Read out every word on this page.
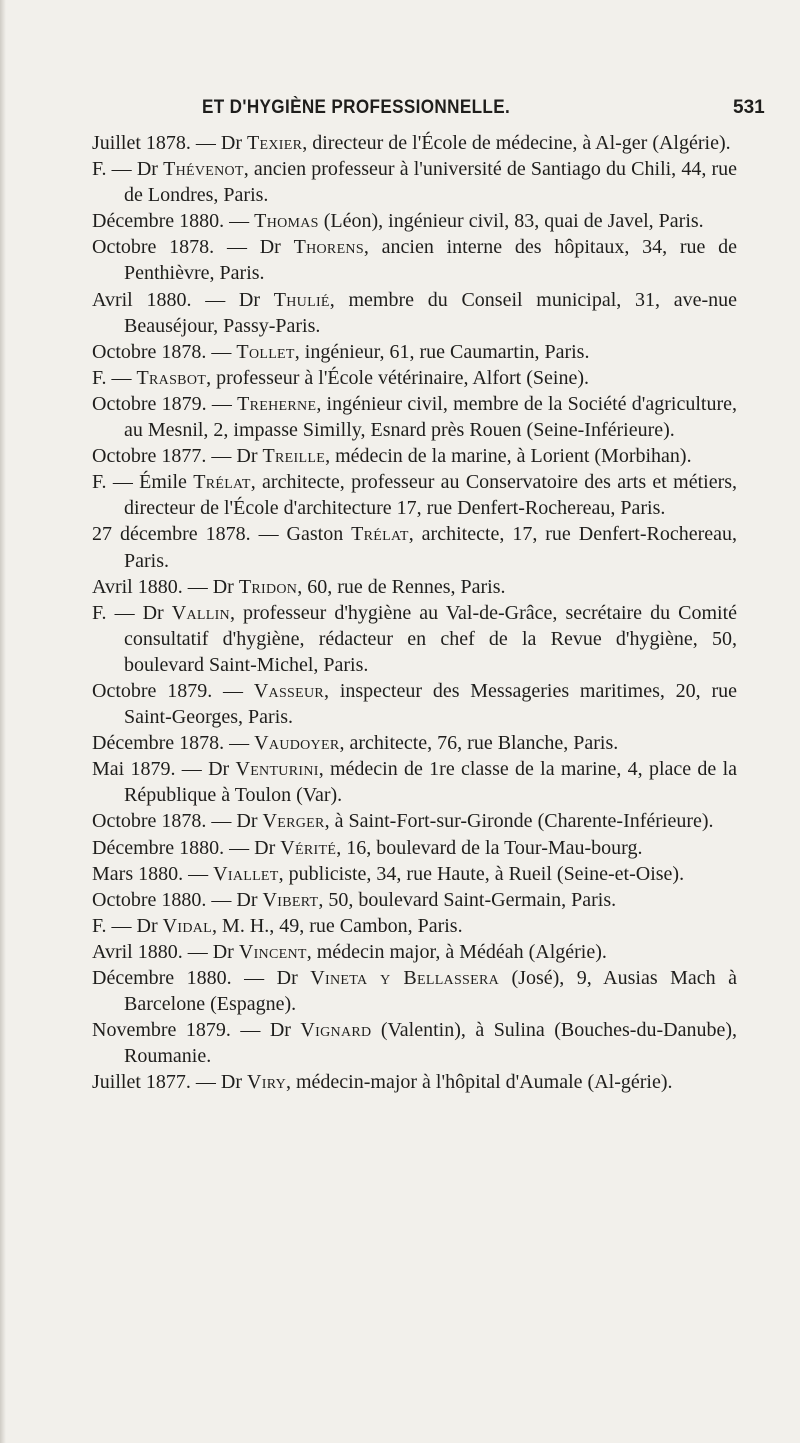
ET D'HYGIÈNE PROFESSIONNELLE.	531

Juillet 1878. — Dr Texier, directeur de l'École de médecine, à Al-ger (Algérie).

F. — Dr Thévenot, ancien professeur à l'université de Santiago du Chili, 44, rue de Londres, Paris.

Décembre 1880. — Thomas (Léon), ingénieur civil, 83, quai de Javel, Paris.

Octobre 1878. — Dr Thorens, ancien interne des hôpitaux, 34, rue de Penthièvre, Paris.

Avril 1880. — Dr Thulié, membre du Conseil municipal, 31, ave-nue Beauséjour, Passy-Paris.

Octobre 1878. — Tollet, ingénieur, 61, rue Caumartin, Paris.

F. — Trasbot, professeur à l'École vétérinaire, Alfort (Seine).

Octobre 1879. — Treherne, ingénieur civil, membre de la Société d'agriculture, au Mesnil, 2, impasse Similly, Esnard près Rouen (Seine-Inférieure).

Octobre 1877. — Dr Treille, médecin de la marine, à Lorient (Morbihan).

F. — Émile Trélat, architecte, professeur au Conservatoire des arts et métiers, directeur de l'École d'architecture 17, rue Denfert-Rochereau, Paris.

27 décembre 1878. — Gaston Trélat, architecte, 17, rue Denfert-Rochereau, Paris.

Avril 1880. — Dr Tridon, 60, rue de Rennes, Paris.

F. — Dr Vallin, professeur d'hygiène au Val-de-Grâce, secrétaire du Comité consultatif d'hygiène, rédacteur en chef de la Revue d'hygiène, 50, boulevard Saint-Michel, Paris.

Octobre 1879. — Vasseur, inspecteur des Messageries maritimes, 20, rue Saint-Georges, Paris.

Décembre 1878. — Vaudoyer, architecte, 76, rue Blanche, Paris.

Mai 1879. — Dr Venturini, médecin de 1re classe de la marine, 4, place de la République à Toulon (Var).

Octobre 1878. — Dr Verger, à Saint-Fort-sur-Gironde (Charente-Inférieure).

Décembre 1880. — Dr Vérité, 16, boulevard de la Tour-Mau-bourg.

Mars 1880. — Viallet, publiciste, 34, rue Haute, à Rueil (Seine-et-Oise).

Octobre 1880. — Dr Vibert, 50, boulevard Saint-Germain, Paris.

F. — Dr Vidal, M. H., 49, rue Cambon, Paris.

Avril 1880. — Dr Vincent, médecin major, à Médéah (Algérie).

Décembre 1880. — Dr Vineta y Bellassera (José), 9, Ausias Mach à Barcelone (Espagne).

Novembre 1879. — Dr Vignard (Valentin), à Sulina (Bouches-du-Danube), Roumanie.

Juillet 1877. — Dr Viry, médecin-major à l'hôpital d'Aumale (Al-gérie).
